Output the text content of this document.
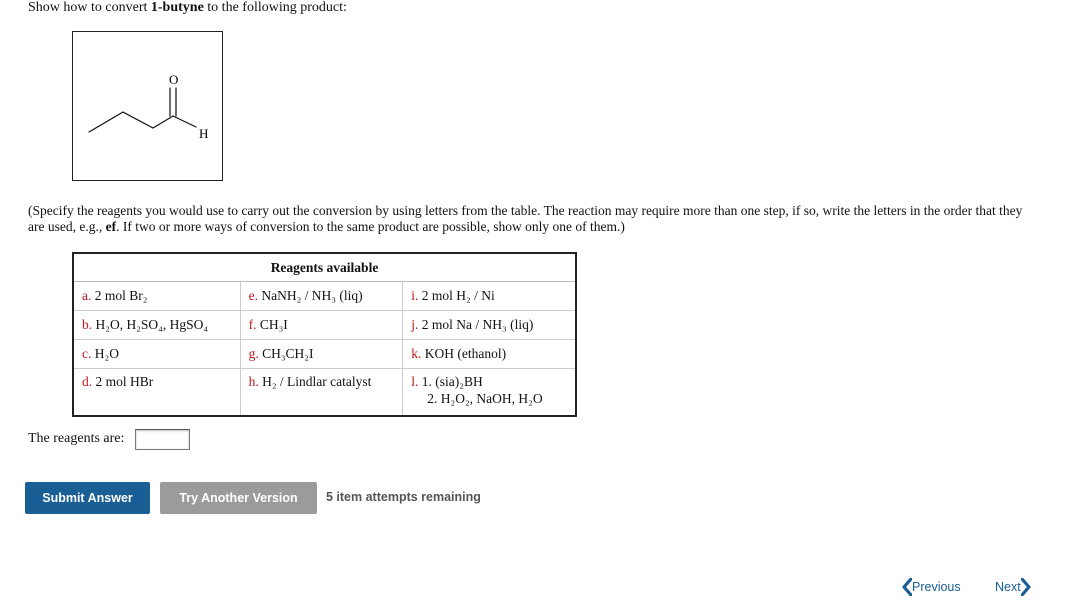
Show how to convert 1-butyne to the following product:
O
H
(Specify the reagents you would use to carry out the conversion by using letters from the table. The reaction may require more than one step, if so, write the letters in the order that they are used, e.g., ef. If two or more ways of conversion to the same product are possible, show only one of them.)
Reagents available		
a. 2 mol Br₂	e. NaNH₂ / NH₃ (liq)	i. 2 mol H₂ / Ni
b. H₂O, H₂SO₄, HgSO₄	f. CH₃I	j. 2 mol Na / NH₃ (liq)
c. H₂O	g. CH₃CH₂I	k. KOH (ethanol)
d. 2 mol HBr	h. H₂ / Lindlar catalyst	l. 1. (sia)₂BH
2. H₂O₂, NaOH, H₂O
The reagents are:
Submit Answer	Try Another Version	5 item attempts remaining
Previous	Next
